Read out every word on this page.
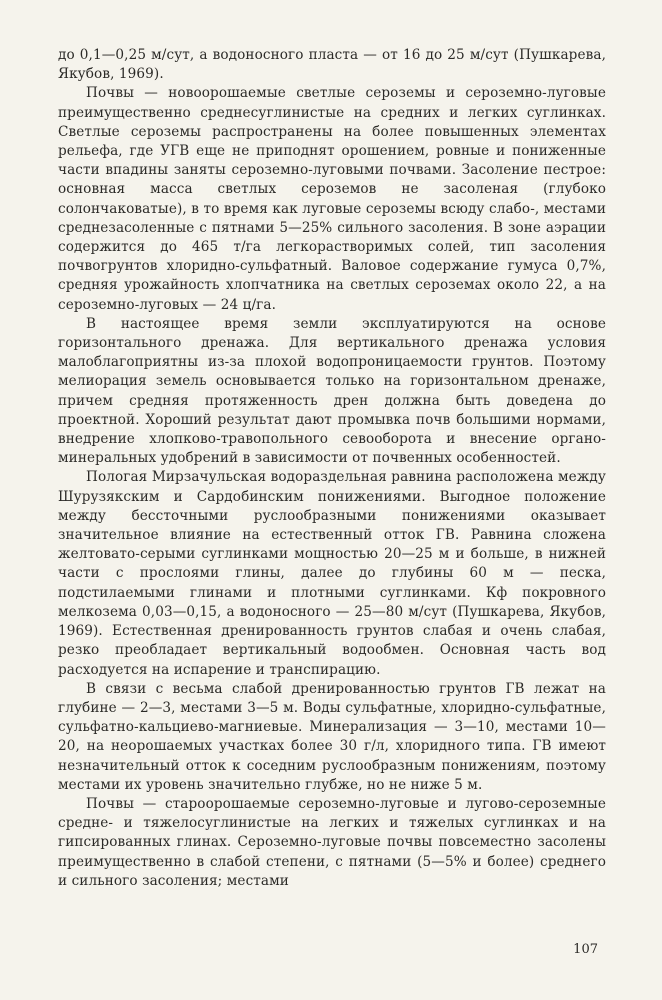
до 0,1—0,25 м/сут, а водоносного пласта — от 16 до 25 м/сут (Пушкарева, Якубов, 1969).

Почвы — новоорошаемые светлые сероземы и сероземно-луговые преимущественно среднесуглинистые на средних и легких суглинках. Светлые сероземы распространены на более повышенных элементах рельефа, где УГВ еще не приподнят орошением, ровные и пониженные части впадины заняты сероземно-луговыми почвами. Засоление пестрое: основная масса светлых сероземов не засоленая (глубоко солончаковатые), в то время как луговые сероземы всюду слабо-, местами среднезасоленные с пятнами 5—25% сильного засоления. В зоне аэрации содержится до 465 т/га легкорастворимых солей, тип засоления почвогрунтов хлоридно-сульфатный. Валовое содержание гумуса 0,7%, средняя урожайность хлопчатника на светлых сероземах около 22, а на сероземно-луговых — 24 ц/га.

В настоящее время земли эксплуатируются на основе горизонтального дренажа. Для вертикального дренажа условия малоблагоприятны из-за плохой водопроницаемости грунтов. Поэтому мелиорация земель основывается только на горизонтальном дренаже, причем средняя протяженность дрен должна быть доведена до проектной. Хороший результат дают промывка почв большими нормами, внедрение хлопково-травопольного севооборота и внесение органо-минеральных удобрений в зависимости от почвенных особенностей.

Пологая Мирзачульская водораздельная равнина расположена между Шурузякским и Сардобинским понижениями. Выгодное положение между бессточными руслообразными понижениями оказывает значительное влияние на естественный отток ГВ. Равнина сложена желтовато-серыми суглинками мощностью 20—25 м и больше, в нижней части с прослоями глины, далее до глубины 60 м — песка, подстилаемыми глинами и плотными суглинками. Кф покровного мелкозема 0,03—0,15, а водоносного — 25—80 м/сут (Пушкарева, Якубов, 1969). Естественная дренированность грунтов слабая и очень слабая, резко преобладает вертикальный водообмен. Основная часть вод расходуется на испарение и транспирацию.

В связи с весьма слабой дренированностью грунтов ГВ лежат на глубине — 2—3, местами 3—5 м. Воды сульфатные, хлоридно-сульфатные, сульфатно-кальциево-магниевые. Минерализация — 3—10, местами 10—20, на неорошаемых участках более 30 г/л, хлоридного типа. ГВ имеют незначительный отток к соседним руслообразным понижениям, поэтому местами их уровень значительно глубже, но не ниже 5 м.

Почвы — староорошаемые сероземно-луговые и лугово-сероземные средне- и тяжелосуглинистые на легких и тяжелых суглинках и на гипсированных глинах. Сероземно-луговые почвы повсеместно засолены преимущественно в слабой степени, с пятнами (5—5% и более) среднего и сильного засоления; местами

107
